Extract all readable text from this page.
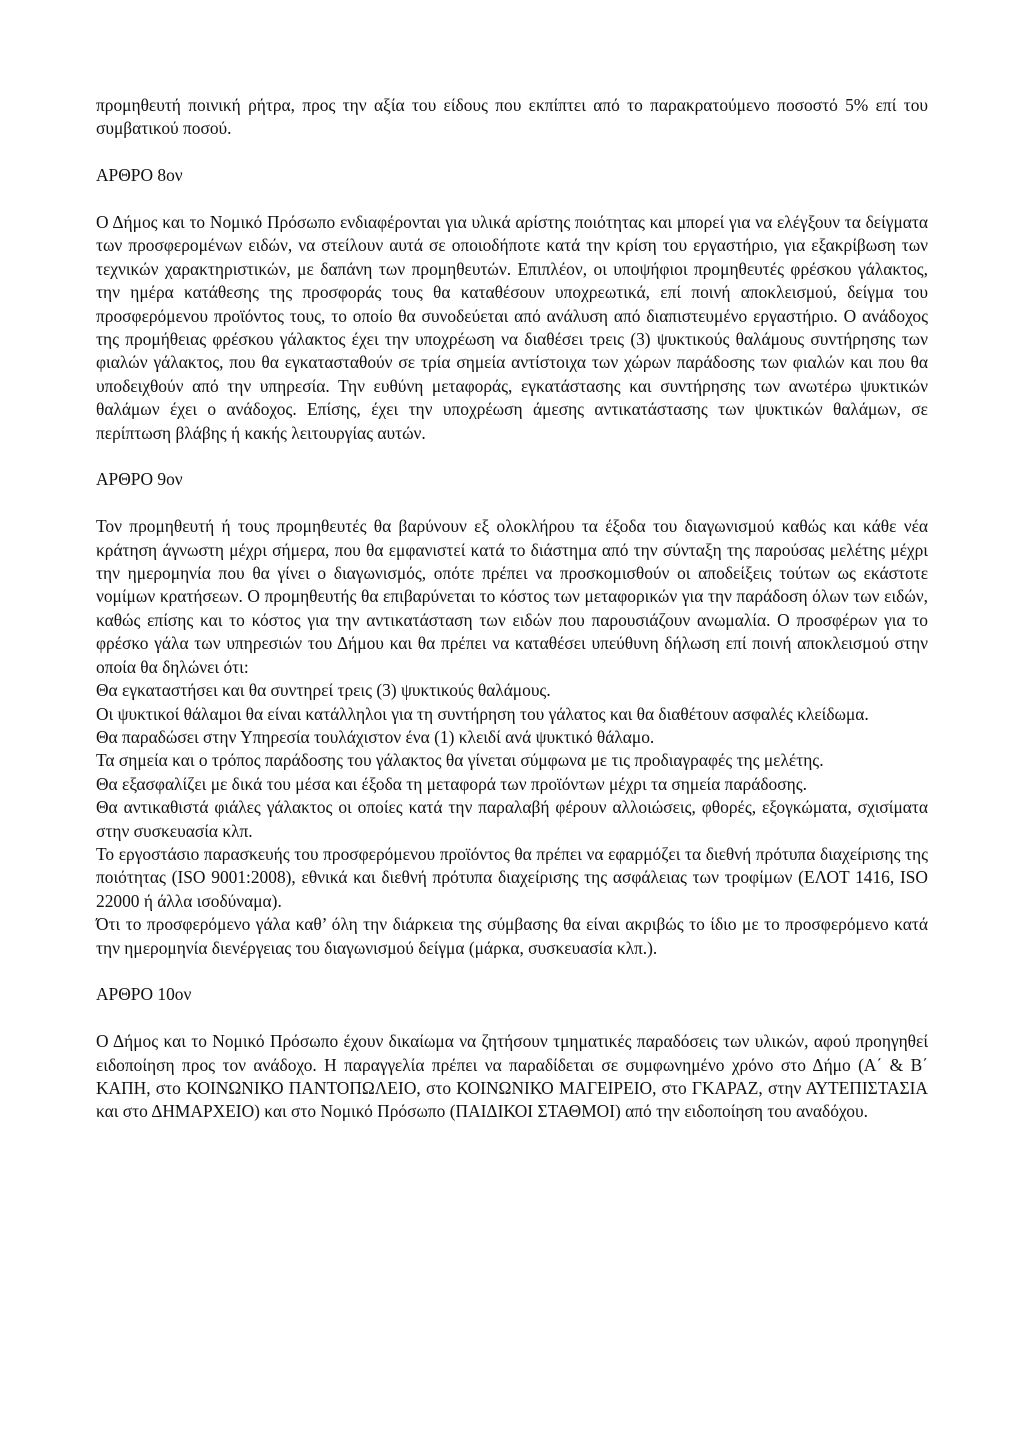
προμηθευτή ποινική ρήτρα, προς την αξία του είδους που εκπίπτει από το παρακρατούμενο ποσοστό 5% επί του συμβατικού ποσού.

ΑΡΘΡΟ 8ον

Ο Δήμος και το Νομικό Πρόσωπο ενδιαφέρονται για υλικά αρίστης ποιότητας και μπορεί για να ελέγξουν τα δείγματα των προσφερομένων ειδών, να στείλουν αυτά σε οποιοδήποτε κατά την κρίση του εργαστήριο, για εξακρίβωση των τεχνικών χαρακτηριστικών, με δαπάνη των προμηθευτών. Επιπλέον, οι υποψήφιοι προμηθευτές φρέσκου γάλακτος, την ημέρα κατάθεσης της προσφοράς τους θα καταθέσουν υποχρεωτικά, επί ποινή αποκλεισμού, δείγμα του προσφερόμενου προϊόντος τους, το οποίο θα συνοδεύεται από ανάλυση από διαπιστευμένο εργαστήριο. Ο ανάδοχος της προμήθειας φρέσκου γάλακτος έχει την υποχρέωση να διαθέσει τρεις (3) ψυκτικούς θαλάμους συντήρησης των φιαλών γάλακτος, που θα εγκατασταθούν σε τρία σημεία αντίστοιχα των χώρων παράδοσης των φιαλών και που θα υποδειχθούν από την υπηρεσία. Την ευθύνη μεταφοράς, εγκατάστασης και συντήρησης των ανωτέρω ψυκτικών θαλάμων έχει ο ανάδοχος. Επίσης, έχει την υποχρέωση άμεσης αντικατάστασης των ψυκτικών θαλάμων, σε περίπτωση βλάβης ή κακής λειτουργίας αυτών.

ΑΡΘΡΟ 9ον

Τον προμηθευτή ή τους προμηθευτές θα βαρύνουν εξ ολοκλήρου τα έξοδα του διαγωνισμού καθώς και κάθε νέα κράτηση άγνωστη μέχρι σήμερα, που θα εμφανιστεί κατά το διάστημα από την σύνταξη της παρούσας μελέτης μέχρι την ημερομηνία που θα γίνει ο διαγωνισμός, οπότε πρέπει να προσκομισθούν οι αποδείξεις τούτων ως εκάστοτε νομίμων κρατήσεων. Ο προμηθευτής θα επιβαρύνεται το κόστος των μεταφορικών για την παράδοση όλων των ειδών, καθώς επίσης και το κόστος για την αντικατάσταση των ειδών που παρουσιάζουν ανωμαλία. Ο προσφέρων για το φρέσκο γάλα των υπηρεσιών του Δήμου και θα πρέπει να καταθέσει υπεύθυνη δήλωση επί ποινή αποκλεισμού στην οποία θα δηλώνει ότι:

Θα εγκαταστήσει και θα συντηρεί τρεις (3) ψυκτικούς θαλάμους.

Οι ψυκτικοί θάλαμοι θα είναι κατάλληλοι για τη συντήρηση του γάλατος και θα διαθέτουν ασφαλές κλείδωμα.

Θα παραδώσει στην Υπηρεσία τουλάχιστον ένα (1) κλειδί ανά ψυκτικό θάλαμο.

Τα σημεία και ο τρόπος παράδοσης του γάλακτος θα γίνεται σύμφωνα με τις προδιαγραφές της μελέτης.

Θα εξασφαλίζει με δικά του μέσα και έξοδα τη μεταφορά των προϊόντων μέχρι τα σημεία παράδοσης.

Θα αντικαθιστά φιάλες γάλακτος οι οποίες κατά την παραλαβή φέρουν αλλοιώσεις, φθορές, εξογκώματα, σχισίματα στην συσκευασία κλπ.

Το εργοστάσιο παρασκευής του προσφερόμενου προϊόντος θα πρέπει να εφαρμόζει τα διεθνή πρότυπα διαχείρισης της ποιότητας (ISO 9001:2008), εθνικά και διεθνή πρότυπα διαχείρισης της ασφάλειας των τροφίμων (ΕΛΟΤ 1416, ISO 22000 ή άλλα ισοδύναμα).

Ότι το προσφερόμενο γάλα καθ’ όλη την διάρκεια της σύμβασης θα είναι ακριβώς το ίδιο με το προσφερόμενο κατά την ημερομηνία διενέργειας του διαγωνισμού δείγμα (μάρκα, συσκευασία κλπ.).

ΑΡΘΡΟ 10ον

Ο Δήμος και το Νομικό Πρόσωπο έχουν δικαίωμα να ζητήσουν τμηματικές παραδόσεις των υλικών, αφού προηγηθεί ειδοποίηση προς τον ανάδοχο. Η παραγγελία πρέπει να παραδίδεται σε συμφωνημένο χρόνο στο Δήμο (Α΄ & Β΄ ΚΑΠΗ, στο ΚΟΙΝΩΝΙΚΟ ΠΑΝΤΟΠΩΛΕΙΟ, στο ΚΟΙΝΩΝΙΚΟ ΜΑΓΕΙΡΕΙΟ, στο ΓΚΑΡΑΖ, στην ΑΥΤΕΠΙΣΤΑΣΙΑ και στο ΔΗΜΑΡΧΕΙΟ) και στο Νομικό Πρόσωπο (ΠΑΙΔΙΚΟΙ ΣΤΑΘΜΟΙ) από την ειδοποίηση του αναδόχου.
